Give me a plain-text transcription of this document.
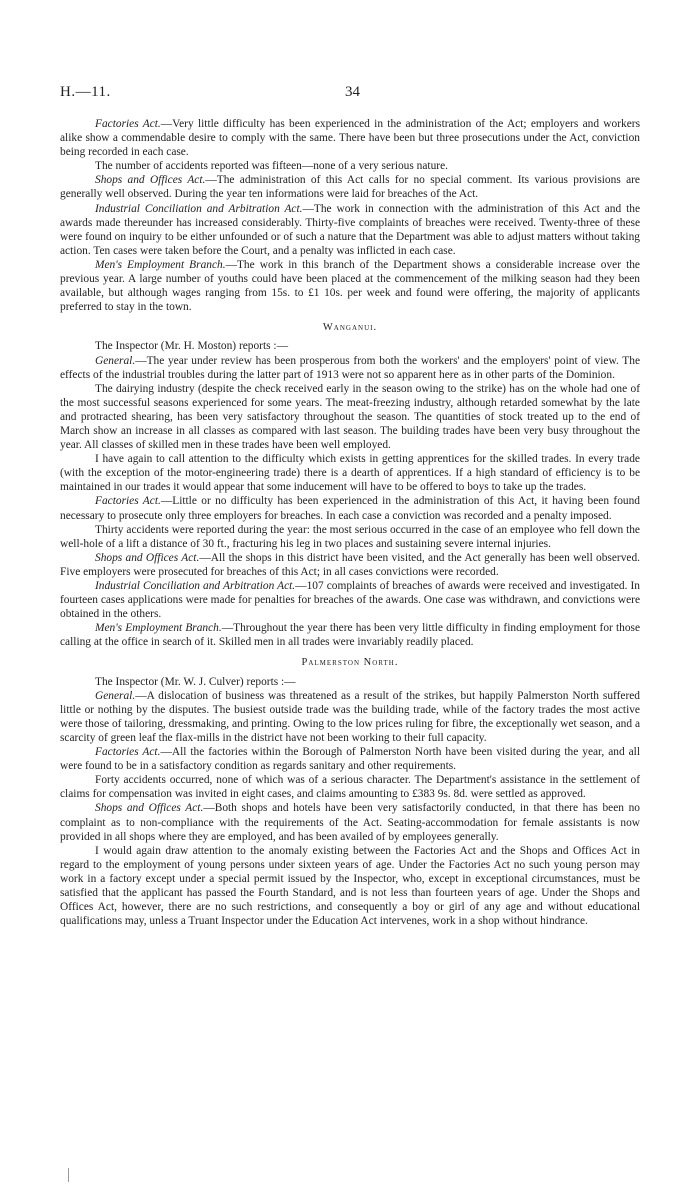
H.—11.	34

Factories Act.—Very little difficulty has been experienced in the administration of the Act; employers and workers alike show a commendable desire to comply with the same. There have been but three prosecutions under the Act, conviction being recorded in each case.

The number of accidents reported was fifteen—none of a very serious nature.

Shops and Offices Act.—The administration of this Act calls for no special comment. Its various provisions are generally well observed. During the year ten informations were laid for breaches of the Act.

Industrial Conciliation and Arbitration Act.—The work in connection with the administration of this Act and the awards made thereunder has increased considerably. Thirty-five complaints of breaches were received. Twenty-three of these were found on inquiry to be either unfounded or of such a nature that the Department was able to adjust matters without taking action. Ten cases were taken before the Court, and a penalty was inflicted in each case.

Men's Employment Branch.—The work in this branch of the Department shows a considerable increase over the previous year. A large number of youths could have been placed at the commencement of the milking season had they been available, but although wages ranging from 15s. to £1 10s. per week and found were offering, the majority of applicants preferred to stay in the town.

Wanganui.

The Inspector (Mr. H. Moston) reports :—

General.—The year under review has been prosperous from both the workers' and the employers' point of view. The effects of the industrial troubles during the latter part of 1913 were not so apparent here as in other parts of the Dominion.

The dairying industry (despite the check received early in the season owing to the strike) has on the whole had one of the most successful seasons experienced for some years. The meat-freezing industry, although retarded somewhat by the late and protracted shearing, has been very satisfactory throughout the season. The quantities of stock treated up to the end of March show an increase in all classes as compared with last season. The building trades have been very busy throughout the year. All classes of skilled men in these trades have been well employed.

I have again to call attention to the difficulty which exists in getting apprentices for the skilled trades. In every trade (with the exception of the motor-engineering trade) there is a dearth of apprentices. If a high standard of efficiency is to be maintained in our trades it would appear that some inducement will have to be offered to boys to take up the trades.

Factories Act.—Little or no difficulty has been experienced in the administration of this Act, it having been found necessary to prosecute only three employers for breaches. In each case a conviction was recorded and a penalty imposed.

Thirty accidents were reported during the year: the most serious occurred in the case of an employee who fell down the well-hole of a lift a distance of 30 ft., fracturing his leg in two places and sustaining severe internal injuries.

Shops and Offices Act.—All the shops in this district have been visited, and the Act generally has been well observed. Five employers were prosecuted for breaches of this Act; in all cases convictions were recorded.

Industrial Conciliation and Arbitration Act.—107 complaints of breaches of awards were received and investigated. In fourteen cases applications were made for penalties for breaches of the awards. One case was withdrawn, and convictions were obtained in the others.

Men's Employment Branch.—Throughout the year there has been very little difficulty in finding employment for those calling at the office in search of it. Skilled men in all trades were invariably readily placed.

Palmerston North.

The Inspector (Mr. W. J. Culver) reports :—

General.—A dislocation of business was threatened as a result of the strikes, but happily Palmerston North suffered little or nothing by the disputes. The busiest outside trade was the building trade, while of the factory trades the most active were those of tailoring, dressmaking, and printing. Owing to the low prices ruling for fibre, the exceptionally wet season, and a scarcity of green leaf the flax-mills in the district have not been working to their full capacity.

Factories Act.—All the factories within the Borough of Palmerston North have been visited during the year, and all were found to be in a satisfactory condition as regards sanitary and other requirements.

Forty accidents occurred, none of which was of a serious character. The Department's assistance in the settlement of claims for compensation was invited in eight cases, and claims amounting to £383 9s. 8d. were settled as approved.

Shops and Offices Act.—Both shops and hotels have been very satisfactorily conducted, in that there has been no complaint as to non-compliance with the requirements of the Act. Seating-accommodation for female assistants is now provided in all shops where they are employed, and has been availed of by employees generally.

I would again draw attention to the anomaly existing between the Factories Act and the Shops and Offices Act in regard to the employment of young persons under sixteen years of age. Under the Factories Act no such young person may work in a factory except under a special permit issued by the Inspector, who, except in exceptional circumstances, must be satisfied that the applicant has passed the Fourth Standard, and is not less than fourteen years of age. Under the Shops and Offices Act, however, there are no such restrictions, and consequently a boy or girl of any age and without educational qualifications may, unless a Truant Inspector under the Education Act intervenes, work in a shop without hindrance.
